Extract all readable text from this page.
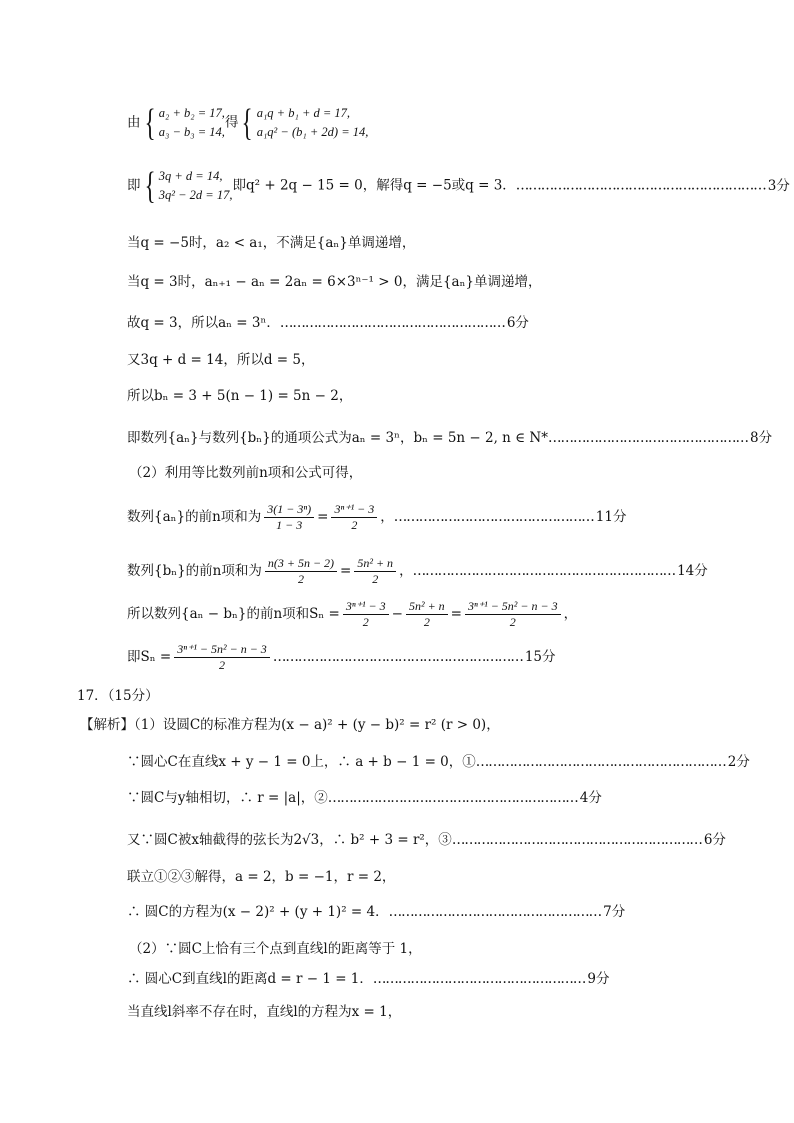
由{ a₂ + b₂ = 17,
a₃ − b₃ = 14,
得{ a₁q + b₁ + d = 17,
a₁q² − (b₁ + 2d) = 14,
即{ 3q + d = 14,
3q² − 2d = 17,
即q² + 2q − 15 = 0，解得q = −5或q = 3．…………………………………………………… 3分
当q = −5时，a₂ < a₁，不满足{aₙ}单调递增，
当q = 3时，aₙ₊₁ − aₙ = 2aₙ = 6×3ⁿ⁻¹ > 0，满足{aₙ}单调递增，
故q = 3，所以aₙ = 3ⁿ．……………………………………………… 6分
又3q + d = 14，所以d = 5，
所以bₙ = 3 + 5(n − 1) = 5n − 2，
即数列{aₙ}与数列{bₙ}的通项公式为aₙ = 3ⁿ，bₙ = 5n − 2, n ∈ N*………………………………………… 8分
（2）利用等比数列前n项和公式可得，
数列{aₙ}的前n项和为 $\frac{\text{3(1 − 3ⁿ)}}{1 - 3} = \frac{\text{3ⁿ⁺¹ − 3}}{2}$ ，………………………………………… 11分
数列{bₙ}的前n项和为 $\frac{n(3 + 5n - 2)}{2} = \frac{\text{5n² + n}}{2}$ ，……………………………………………………… 14分
所以数列{aₙ − bₙ}的前n项和$S_n = \frac{\text{3ⁿ⁺¹ − 3}}{2} - \frac{\text{5n² + n}}{2} = \frac{\text{3ⁿ⁺¹ − 5n² − n − 3}}{2}$ ，
即$S_n = \frac{\text{3ⁿ⁺¹ − 5n² − n − 3}}{2}$ …………………………………………………… 15分
17．（15分）
【解析】（1）设圆C的标准方程为(x − a)² + (y − b)² = r² (r > 0)，
∵圆心C在直线x + y − 1 = 0上，∴ a + b − 1 = 0，①…………………………………………………… 2分
∵圆C与y轴相切，∴ r = |a|，②…………………………………………………… 4分
又∵圆C被x轴截得的弦长为2√3，∴ b² + 3 = r²，③…………………………………………………… 6分
联立①②③解得，a = 2，b = −1，r = 2，
∴ 圆C的方程为(x − 2)² + (y + 1)² = 4．…………………………………………… 7分
（2）∵圆C上恰有三个点到直线l的距离等于 1，
∴ 圆心C到直线l的距离d = r − 1 = 1．…………………………………………… 9分
当直线l斜率不存在时，直线l的方程为x = 1，
